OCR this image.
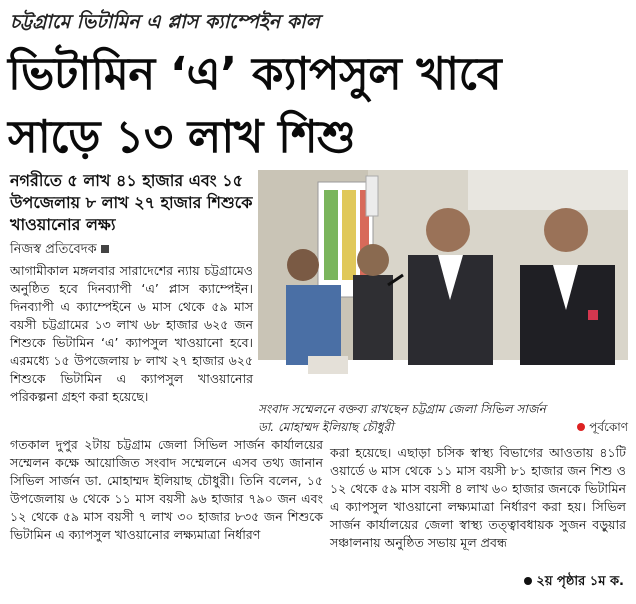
চট্টগ্রামে ভিটামিন এ প্লাস ক্যাম্পেইন কাল
ভিটামিন ‘এ’ ক্যাপসুল খাবে
সাড়ে ১৩ লাখ শিশু
নগরীতে ৫ লাখ ৪১ হাজার এবং ১৫ উপজেলায় ৮ লাখ ২৭ হাজার শিশুকে খাওয়ানোর লক্ষ্য
নিজস্ব প্রতিবেদক
আগামীকাল মঙ্গলবার সারাদেশের ন্যায় চট্টগ্রামেও অনুষ্ঠিত হবে দিনব্যাপী ‘এ’ প্লাস ক্যাম্পেইন। দিনব্যাপী এ ক্যাম্পেইনে ৬ মাস থেকে ৫৯ মাস বয়সী চট্টগ্রামের ১৩ লাখ ৬৮ হাজার ৬২৫ জন শিশুকে ভিটামিন ‘এ’ ক্যাপসুল খাওয়ানো হবে। এরমধ্যে ১৫ উপজেলায় ৮ লাখ ২৭ হাজার ৬২৫ শিশুকে ভিটামিন এ ক্যাপসুল খাওয়ানোর পরিকল্পনা গ্রহণ করা হয়েছে।
সংবাদ সম্মেলনে বক্তব্য রাখছেন চট্টগ্রাম জেলা সিভিল সার্জন
ডা. মোহাম্মদ ইলিয়াছ চৌধুরী	পূর্বকোণ
গতকাল দুপুর ২টায় চট্টগ্রাম জেলা সিভিল সার্জন কার্যালয়ের সম্মেলন কক্ষে আয়োজিত সংবাদ সম্মেলনে এসব তথ্য জানান সিভিল সার্জন ডা. মোহাম্মদ ইলিয়াছ চৌধুরী। তিনি বলেন, ১৫ উপজেলায় ৬ থেকে ১১ মাস বয়সী ৯৬ হাজার ৭৯০ জন এবং ১২ থেকে ৫৯ মাস বয়সী ৭ লাখ ৩০ হাজার ৮৩৫ জন শিশুকে ভিটামিন এ ক্যাপসুল খাওয়ানোর লক্ষ্যমাত্রা নির্ধারণ
করা হয়েছে। এছাড়া চসিক স্বাস্থ্য বিভাগের আওতায় ৪১টি ওয়ার্ডে ৬ মাস থেকে ১১ মাস বয়সী ৮১ হাজার জন শিশু ও ১২ থেকে ৫৯ মাস বয়সী ৪ লাখ ৬০ হাজার জনকে ভিটামিন এ ক্যাপসুল খাওয়ানো লক্ষ্যমাত্রা নির্ধারণ করা হয়। সিভিল সার্জন কার্যালয়ের জেলা স্বাস্থ্য তত্ত্বাবধায়ক সুজন বড়ুয়ার সঞ্চালনায় অনুষ্ঠিত সভায় মূল প্রবন্ধ
২য় পৃষ্ঠার ১ম ক.
